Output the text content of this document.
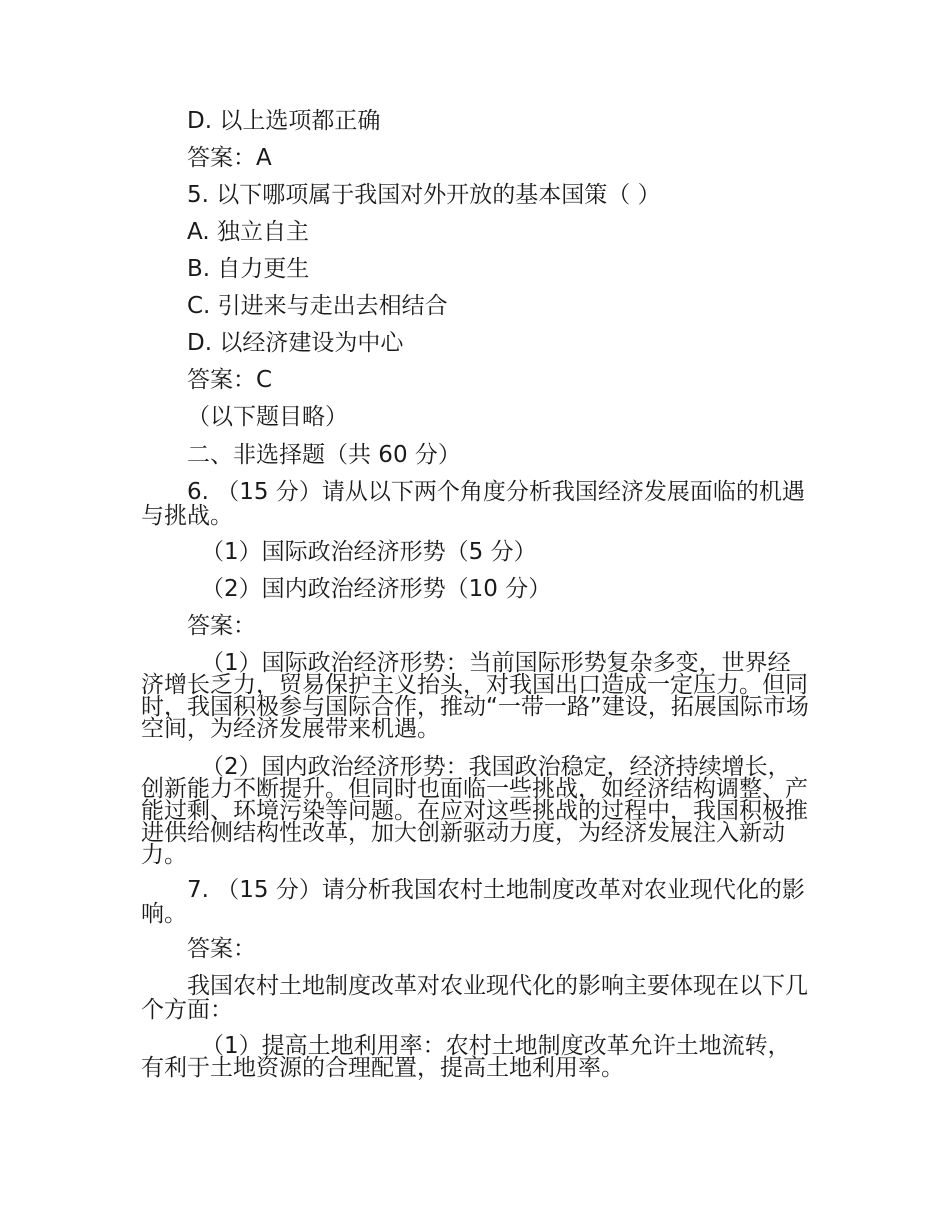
D. 以上选项都正确
答案：A
5. 以下哪项属于我国对外开放的基本国策（ ）
A. 独立自主
B. 自力更生
C. 引进来与走出去相结合
D. 以经济建设为中心
答案：C
（以下题目略）
二、非选择题（共 60 分）
6. （15 分）请从以下两个角度分析我国经济发展面临的机遇与挑战。
（1）国际政治经济形势（5 分）
（2）国内政治经济形势（10 分）
答案：
（1）国际政治经济形势：当前国际形势复杂多变，世界经济增长乏力，贸易保护主义抬头，对我国出口造成一定压力。但同时，我国积极参与国际合作，推动“一带一路”建设，拓展国际市场空间，为经济发展带来机遇。
（2）国内政治经济形势：我国政治稳定，经济持续增长，创新能力不断提升。但同时也面临一些挑战，如经济结构调整、产能过剩、环境污染等问题。在应对这些挑战的过程中，我国积极推进供给侧结构性改革，加大创新驱动力度，为经济发展注入新动力。
7. （15 分）请分析我国农村土地制度改革对农业现代化的影响。
答案：
我国农村土地制度改革对农业现代化的影响主要体现在以下几个方面：
（1）提高土地利用率：农村土地制度改革允许土地流转，有利于土地资源的合理配置，提高土地利用率。
